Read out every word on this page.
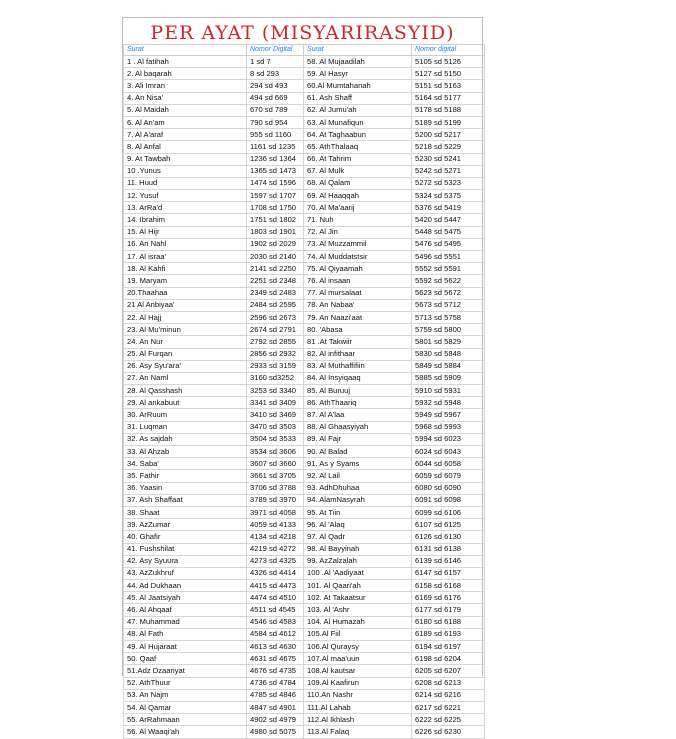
PER AYAT (MISYARIRASYID)
Surat	Nomor Digital	Surat	Nomor digital
1 . Al fatihah	1 sd 7	58. Al Mujaadilah	5105 sd 5126
2. Al baqarah	8 sd 293	59. Al Hasyr	5127 sd 5150
3. Ali Imran	294 sd 493	60.Al Mumtahanah	5151 sd 5163
4. An Nisa'	494 sd 669	61. Ash Shaff	5164 sd 5177
5. Al Maidah	670 sd 789	62. Al Jumu'ah	5178 sd 5188
6. Al An'am	790 sd 954	63. Al Munafiqun	5189 sd 5199
7. Al A'araf	955 sd 1160	64. At Taghaabun	5200 sd 5217
8. Al Anfal	1161 sd 1235	65. AthThalaaq	5218 sd 5229
9. At Tawbah	1236 sd 1364	66. At Tahrim	5230 sd 5241
10 .Yunus	1365 sd 1473	67. Al Mulk	5242 sd 5271
11. Huud	1474 sd 1596	68. Al Qalam	5272 sd 5323
12. Yusuf	1597 sd 1707	69. Al Haaqqah	5324 sd 5375
13. ArRa'd	1708 sd 1750	70. Al Ma'aarij	5376 sd 5419
14. Ibrahim	1751 sd 1802	71. Nuh	5420 sd 5447
15. Al Hijr	1803 sd 1901	72. Al Jin	5448 sd 5475
16. An Nahl	1902 sd 2029	73. Al Muzzammil	5476 sd 5495
17. Al israa'	2030 sd 2140	74. Al Muddatstsir	5496 sd 5551
18. Al Kahfi	2141 sd 2250	75. Al Qiyaamah	5552 sd 5591
19. Maryam	2251 sd 2348	76. Al insaan	5592 sd 5622
20.Thaahaa	2349 sd 2483	77. Al mursalaat	5623 sd 5672
21 Al Anbiyaa'	2484 sd 2595	78. An Nabaa'	5673 sd 5712
22. Al Hajj	2596 sd 2673	79. An Naazi'aat	5713 sd 5758
23. Al Mu'minun	2674 sd 2791	80. 'Abasa	5759 sd 5800
24. An Nur	2792 sd 2855	81 .At Takwiir	5801 sd 5829
25. Al Furqan	2856 sd 2932	82. Al infithaar	5830 sd 5848
26. Asy Syu'ara'	2933 sd 3159	83. Al Muthaffifiin	5849 sd 5884
27. An Naml	3160 sd3252	84. Al Insyiqaaq	5885 sd 5909
28. Al Qasshash	3253 sd 3340	85. Al Buruuj	5910 sd 5931
29. Al ankabuut	3341 sd 3409	86. AthThaariq	5932 sd 5948
30. ArRuum	3410 sd 3469	87. Al A'laa	5949 sd 5967
31. Luqman	3470 sd 3503	88. Al Ghaasyiyah	5968 sd 5993
32. As sajdah	3504 sd 3533	89. Al Fajr	5994 sd 6023
33. Al Ahzab	3534 sd 3606	90. Al Balad	6024 sd 6043
34. Saba'	3607 sd 3660	91. As y Syams	6044 sd 6058
35. Fathir	3661 sd 3705	92. Al Lail	6059 sd 6079
36. Yaasin	3706 sd 3788	93. AdhDhuhaa	6080 sd 6090
37. Ash Shaffaat	3789 sd 3970	94. AlamNasyrah	6091 sd 6098
38. Shaat	3971 sd 4058	95. At Tiin	6099 sd 6106
39. AzZumar	4059 sd 4133	96. Al 'Alaq	6107 sd 6125
40. Ghafir	4134 sd 4218	97. Al Qadr	6126 sd 6130
41. Fushshilat	4219 sd 4272	98. Al Bayyinah	6131 sd 6138
42. Asy Syuura	4273 sd 4325	99. AzZalzalah	6139 sd 6146
43. AzZukhruf	4326 sd 4414	100 .Al 'Aadiyaat	6147 sd 6157
44. Ad Dukhaan	4415 sd 4473	101. Al Qaari'ah	6158 sd 6168
45. Al Jaatsiyah	4474 sd 4510	102. At Takaatsur	6169 sd 6176
46. Al Ahqaaf	4511 sd 4545	103. Al 'Ashr	6177 sd 6179
47. Muhammad	4546 sd 4583	104. Al Humazah	6180 sd 6188
48. Al Fath	4584 sd 4612	105.Al Fiil	6189 sd 6193
49. Al Hujaraat	4613 sd 4630	106.Al Quraysy	6194 sd 6197
50. Qaaf	4631 sd 4675	107.Al maa'uun	6198 sd 6204
51.Adz Dzaariyat	4676 sd 4735	108.Al kautsar	6205 sd 6207
52. AthThuur	4736 sd 4784	109.Al Kaafirun	6208 sd 6213
53. An Najm	4785 sd 4846	110.An Nashr	6214 sd 6216
54. Al Qamar	4847 sd 4901	111.Al Lahab	6217 sd 6221
55. ArRahmaan	4902 sd 4979	112.Al Ikhlash	6222 sd 6225
56. Al Waaqi'ah	4980 sd 5075	113.Al Falaq	6226 sd 6230
